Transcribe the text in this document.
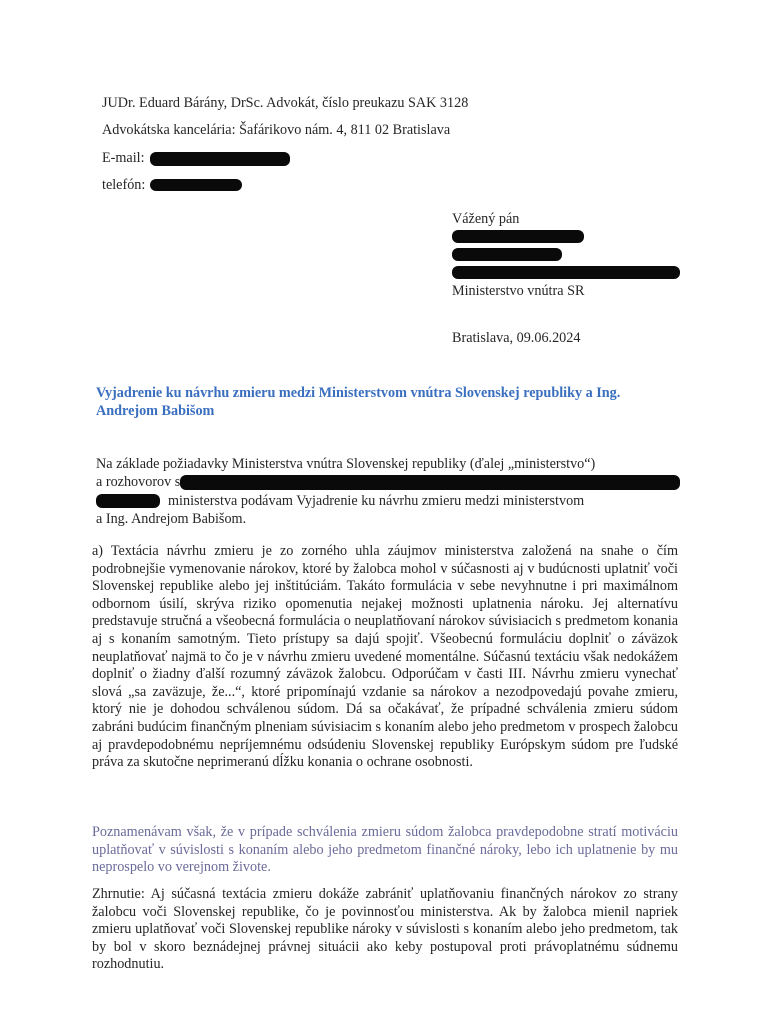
JUDr. Eduard Bárány, DrSc. Advokát, číslo preukazu SAK 3128
Advokátska kancelária: Šafárikovo nám. 4, 811 02 Bratislava
E-mail:
telefón:
Vážený pán
Ministerstvo vnútra SR
Bratislava, 09.06.2024
Vyjadrenie ku návrhu zmieru medzi Ministerstvom vnútra Slovenskej republiky a Ing. Andrejom Babišom
Na základe požiadavky Ministerstva vnútra Slovenskej republiky (ďalej „ministerstvo“)
a rozhovorov s
ministerstva podávam Vyjadrenie ku návrhu zmieru medzi ministerstvom
a Ing. Andrejom Babišom.
a) Textácia návrhu zmieru je zo zorného uhla záujmov ministerstva založená na snahe o čím podrobnejšie vymenovanie nárokov, ktoré by žalobca mohol v súčasnosti aj v budúcnosti uplatniť voči Slovenskej republike alebo jej inštitúciám. Takáto formulácia v sebe nevyhnutne i pri maximálnom odbornom úsilí, skrýva riziko opomenutia nejakej možnosti uplatnenia nároku. Jej alternatívu predstavuje stručná a všeobecná formulácia o neuplatňovaní nárokov súvisiacich s predmetom konania aj s konaním samotným. Tieto prístupy sa dajú spojiť. Všeobecnú formuláciu doplniť o záväzok neuplatňovať najmä to čo je v návrhu zmieru uvedené momentálne. Súčasnú textáciu však nedokážem doplniť o žiadny ďalší rozumný záväzok žalobcu. Odporúčam v časti III. Návrhu zmieru vynechať slová „sa zaväzuje, že...“, ktoré pripomínajú vzdanie sa nárokov a nezodpovedajú povahe zmieru, ktorý nie je dohodou schválenou súdom. Dá sa očakávať, že prípadné schválenia zmieru súdom zabráni budúcim finančným plneniam súvisiacim s konaním alebo jeho predmetom v prospech žalobcu aj pravdepodobnému nepríjemnému odsúdeniu Slovenskej republiky Európskym súdom pre ľudské práva za skutočne neprimeranú dĺžku konania o ochrane osobnosti.
Poznamenávam však, že v prípade schválenia zmieru súdom žalobca pravdepodobne stratí motiváciu uplatňovať v súvislosti s konaním alebo jeho predmetom finančné nároky, lebo ich uplatnenie by mu neprospelo vo verejnom živote.
Zhrnutie: Aj súčasná textácia zmieru dokáže zabrániť uplatňovaniu finančných nárokov zo strany žalobcu voči Slovenskej republike, čo je povinnosťou ministerstva. Ak by žalobca mienil napriek zmieru uplatňovať voči Slovenskej republike nároky v súvislosti s konaním alebo jeho predmetom, tak by bol v skoro beznádejnej právnej situácii ako keby postupoval proti právoplatnému súdnemu rozhodnutiu.
